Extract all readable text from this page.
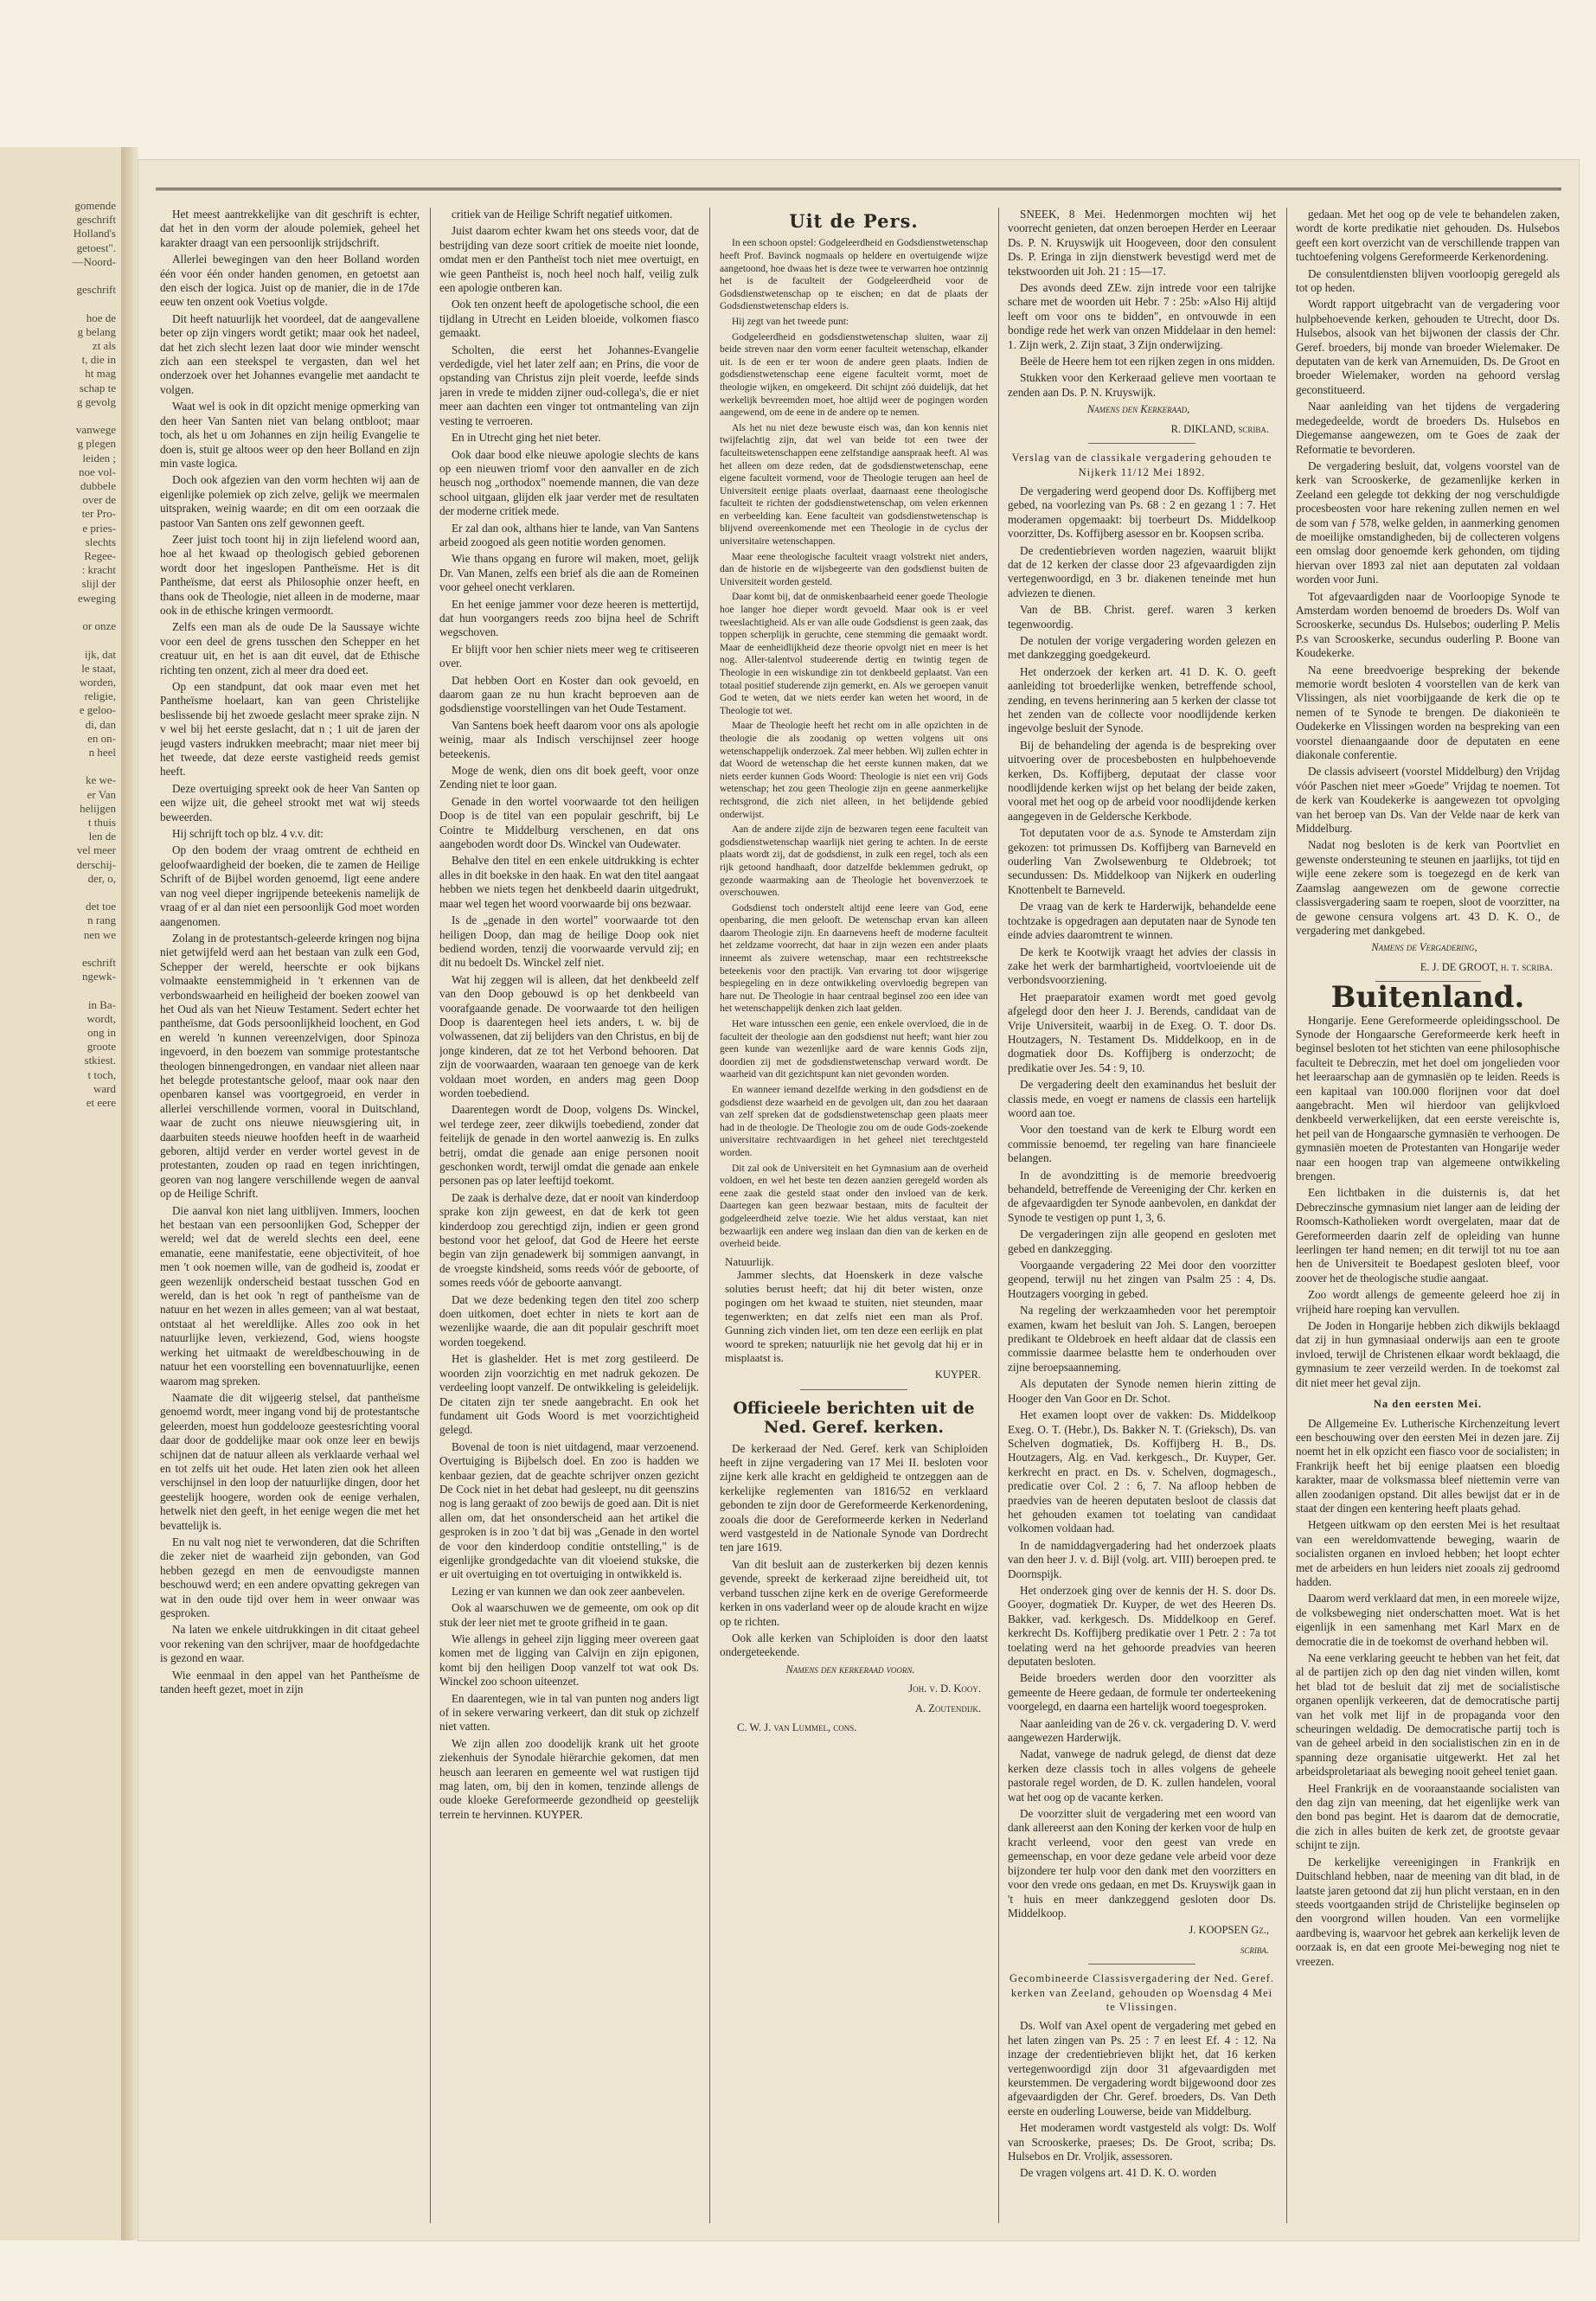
gomende
geschrift
Holland's
getoest".
—Noord-

geschrift

hoe de
g belang
zt als
t, die in
ht mag
schap te
g gevolg

vanwege
g plegen
leiden ;
noe vol-
dubbele
over de
ter Pro-
e pries-
slechts
Regee-
: kracht
slijl der
eweging

or onze

ijk, dat
le staat,
worden,
religie,
e geloo-
di, dan
en on-
n heel

ke we-
er Van
helijgen
t thuis
len de
vel meer
derschij-
der, o,

det toe
n rang
nen we

eschrift
ngewk-

in Ba-
wordt,
ong in
groote
stkiest.
t toch,
ward
et eere

Het meest aantrekkelijke van dit geschrift is echter, dat het in den vorm der aloude polemiek, geheel het karakter draagt van een persoonlijk strijdschrift.

Allerlei bewegingen van den heer Bolland worden één voor één onder handen genomen, en getoetst aan den eisch der logica. Juist op de manier, die in de 17de eeuw ten onzent ook Voetius volgde.

Dit heeft natuurlijk het voordeel, dat de aangevallene beter op zijn vingers wordt getikt; maar ook het nadeel, dat het zich slecht lezen laat door wie minder wenscht zich aan een steekspel te vergasten, dan wel het onderzoek over het Johannes evangelie met aandacht te volgen.

Waat wel is ook in dit opzicht menige opmerking van den heer Van Santen niet van belang ontbloot; maar toch, als het u om Johannes en zijn heilig Evangelie te doen is, stuit ge altoos weer op den heer Bolland en zijn min vaste logica.

Doch ook afgezien van den vorm hechten wij aan de eigenlijke polemiek op zich zelve, gelijk we meermalen uitspraken, weinig waarde; en dit om een oorzaak die pastoor Van Santen ons zelf gewonnen geeft.

Zeer juist toch toont hij in zijn liefelend woord aan, hoe al het kwaad op theologisch gebied geborenen wordt door het ingeslopen Pantheïsme. Het is dit Pantheïsme, dat eerst als Philosophie onzer heeft, en thans ook de Theologie, niet alleen in de moderne, maar ook in de ethische kringen vermoordt.

Zelfs een man als de oude De la Saussaye wichte voor een deel de grens tusschen den Schepper en het creatuur uit, en het is aan dit euvel, dat de Ethische richting ten onzent, zich al meer dra doed eet.

Op een standpunt, dat ook maar even met het Pantheïsme hoelaart, kan van geen Christelijke beslissende bij het zwoede geslacht meer sprake zijn. N v wel bij het eerste geslacht, dat n ; 1 uit de jaren der jeugd vasters indrukken meebracht; maar niet meer bij het tweede, dat deze eerste vastigheid reeds gemist heeft.

Deze overtuiging spreekt ook de heer Van Santen op een wijze uit, die geheel strookt met wat wij steeds beweerden.

Hij schrijft toch op blz. 4 v.v. dit:

Op den bodem der vraag omtrent de echtheid en geloofwaardigheid der boeken, die te zamen de Heilige Schrift of de Bijbel worden genoemd, ligt eene andere van nog veel dieper ingrijpende beteekenis namelijk de vraag of er al dan niet een persoonlijk God moet worden aangenomen.

Zolang in de protestantsch-geleerde kringen nog bijna niet getwijfeld werd aan het bestaan van zulk een God, Schepper der wereld, heerschte er ook bijkans volmaakte eenstemmigheid in 't erkennen van de verbondswaarheid en heiligheid der boeken zoowel van het Oud als van het Nieuw Testament. Sedert echter het pantheïsme, dat Gods persoonlijkheid loochent, en God en wereld 'n kunnen vereenzelvigen, door Spinoza ingevoerd, in den boezem van sommige protestantsche theologen binnengedrongen, en vandaar niet alleen naar het belegde protestantsche geloof, maar ook naar den openbaren kansel was voortgegroeid, en verder in allerlei verschillende vormen, vooral in Duitschland, waar de zucht ons nieuwe nieuwsgiering uit, in daarbuiten steeds nieuwe hoofden heeft in de waarheid geboren, altijd verder en verder wortel gevest in de protestanten, zouden op raad en tegen inrichtingen, georen van nog langere verschillende wegen de aanval op de Heilige Schrift.

Die aanval kon niet lang uitblijven. Immers, loochen het bestaan van een persoonlijken God, Schepper der wereld; wel dat de wereld slechts een deel, eene emanatie, eene manifestatie, eene objectiviteit, of hoe men 't ook noemen wille, van de godheid is, zoodat er geen wezenlijk onderscheid bestaat tusschen God en wereld, dan is het ook 'n regt of pantheïsme van de natuur en het wezen in alles gemeen; van al wat bestaat, ontstaat al het wereldlijke. Alles zoo ook in het natuurlijke leven, verkiezend, God, wiens hoogste werking het uitmaakt de wereldbeschouwing in de natuur het een voorstelling een bovennatuurlijke, eenen waarom mag spreken.

Naamate die dit wijgeerig stelsel, dat pantheïsme genoemd wordt, meer ingang vond bij de protestantsche geleerden, moest hun goddelooze geestesrichting vooral daar door de goddelijke maar ook onze leer en bewijs schijnen dat de natuur alleen als verklaarde verhaal wel en tot zelfs uit het oude. Het laten zien ook het alleen verschijnsel in den loop der natuurlijke dingen, door het geestelijk hoogere, worden ook de eenige verhalen, hetwelk niet den geeft, in het eenige wegen die met het bevattelijk is.

En nu valt nog niet te verwonderen, dat die Schriften die zeker niet de waarheid zijn gebonden, van God hebben gezegd en men de eenvoudigste mannen beschouwd werd; en een andere opvatting gekregen van wat in den oude tijd over hem in weer onwaar was gesproken.

Na laten we enkele uitdrukkingen in dit citaat geheel voor rekening van den schrijver, maar de hoofdgedachte is gezond en waar.

Wie eenmaal in den appel van het Pantheïsme de tanden heeft gezet, moet in zijn

critiek van de Heilige Schrift negatief uitkomen.

Juist daarom echter kwam het ons steeds voor, dat de bestrijding van deze soort critiek de moeite niet loonde, omdat men er den Pantheïst toch niet mee overtuigt, en wie geen Pantheïst is, noch heel noch half, veilig zulk een apologie ontberen kan.

Ook ten onzent heeft de apologetische school, die een tijdlang in Utrecht en Leiden bloeide, volkomen fiasco gemaakt.

Scholten, die eerst het Johannes-Evangelie verdedigde, viel het later zelf aan; en Prins, die voor de opstanding van Christus zijn pleit voerde, leefde sinds jaren in vrede te midden zijner oud-collega's, die er niet meer aan dachten een vinger tot ontmanteling van zijn vesting te verroeren.

En in Utrecht ging het niet beter.

Ook daar bood elke nieuwe apologie slechts de kans op een nieuwen triomf voor den aanvaller en de zich heusch nog „orthodox" noemende mannen, die van deze school uitgaan, glijden elk jaar verder met de resultaten der moderne critiek mede.

Er zal dan ook, althans hier te lande, van Van Santens arbeid zoogoed als geen notitie worden genomen.

Wie thans opgang en furore wil maken, moet, gelijk Dr. Van Manen, zelfs een brief als die aan de Romeinen voor geheel onecht verklaren.

En het eenige jammer voor deze heeren is mettertijd, dat hun voorgangers reeds zoo bijna heel de Schrift wegschoven.

Er blijft voor hen schier niets meer weg te critiseeren over.

Dat hebben Oort en Koster dan ook gevoeld, en daarom gaan ze nu hun kracht beproeven aan de godsdienstige voorstellingen van het Oude Testament.

Van Santens boek heeft daarom voor ons als apologie weinig, maar als Indisch verschijnsel zeer hooge beteekenis.

Moge de wenk, dien ons dit boek geeft, voor onze Zending niet te loor gaan.

Genade in den wortel voorwaarde tot den heiligen Doop is de titel van een populair geschrift, bij Le Cointre te Middelburg verschenen, en dat ons aangeboden wordt door Ds. Winckel van Oudewater.

Behalve den titel en een enkele uitdrukking is echter alles in dit boekske in den haak. En wat den titel aangaat hebben we niets tegen het denkbeeld daarin uitgedrukt, maar wel tegen het woord voorwaarde bij ons bezwaar.

Is de „genade in den wortel" voorwaarde tot den heiligen Doop, dan mag de heilige Doop ook niet bediend worden, tenzij die voorwaarde vervuld zij; en dit nu bedoelt Ds. Winckel zelf niet.

Wat hij zeggen wil is alleen, dat het denkbeeld zelf van den Doop gebouwd is op het denkbeeld van voorafgaande genade. De voorwaarde tot den heiligen Doop is daarentegen heel iets anders, t. w. bij de volwassenen, dat zij belijders van den Christus, en bij de jonge kinderen, dat ze tot het Verbond behooren. Dat zijn de voorwaarden, waaraan ten genoege van de kerk voldaan moet worden, en anders mag geen Doop worden toebediend.

Daarentegen wordt de Doop, volgens Ds. Winckel, wel terdege zeer, zeer dikwijls toebediend, zonder dat feitelijk de genade in den wortel aanwezig is. En zulks betrij, omdat die genade aan enige personen nooit geschonken wordt, terwijl omdat die genade aan enkele personen pas op later leeftijd toekomt.

De zaak is derhalve deze, dat er nooit van kinderdoop sprake kon zijn geweest, en dat de kerk tot geen kinderdoop zou gerechtigd zijn, indien er geen grond bestond voor het geloof, dat God de Heere het eerste begin van zijn genadewerk bij sommigen aanvangt, in de vroegste kindsheid, soms reeds vóór de geboorte, of somes reeds vóór de geboorte aanvangt.

Dat we deze bedenking tegen den titel zoo scherp doen uitkomen, doet echter in niets te kort aan de wezenlijke waarde, die aan dit populair geschrift moet worden toegekend.

Het is glashelder. Het is met zorg gestileerd. De woorden zijn voorzichtig en met nadruk gekozen. De verdeeling loopt vanzelf. De ontwikkeling is geleidelijk. De citaten zijn ter snede aangebracht. En ook het fundament uit Gods Woord is met voorzichtigheid gelegd.

Bovenal de toon is niet uitdagend, maar verzoenend. Overtuiging is Bijbelsch doel. En zoo is hadden we kenbaar gezien, dat de geachte schrijver onzen gezicht De Cock niet in het debat had gesleept, nu dit geenszins nog is lang geraakt of zoo bewijs de goed aan. Dit is niet allen om, dat het onsonderscheid aan het artikel die gesproken is in zoo 't dat bij was „Genade in den wortel de voor den kinderdoop conditie ontstelling," is de eigenlijke grondgedachte van dit vloeiend stukske, die er uit overtuiging en tot overtuiging in ontwikkeld is.

Lezing er van kunnen we dan ook zeer aanbevelen.

Ook al waarschuwen we de gemeente, om ook op dit stuk der leer niet met te groote grifheid in te gaan.

Wie allengs in geheel zijn ligging meer overeen gaat komen met de ligging van Calvijn en zijn epigonen, komt bij den heiligen Doop vanzelf tot wat ook Ds. Winckel zoo schoon uiteenzet.

En daarentegen, wie in tal van punten nog anders ligt of in sekere verwaring verkeert, dan dit stuk op zichzelf niet vatten.

We zijn allen zoo doodelijk krank uit het groote ziekenhuis der Synodale hiërarchie gekomen, dat men heusch aan leeraren en gemeente wel wat rustigen tijd mag laten, om, bij den in komen, tenzinde allengs de oude kloeke Gereformeerde gezondheid op geestelijk terrein te hervinnen. KUYPER.

Uit de Pers.

In een schoon opstel: Godgeleerdheid en Godsdienstwetenschap heeft Prof. Bavinck nogmaals op heldere en overtuigende wijze aangetoond, hoe dwaas het is deze twee te verwarren hoe ontzinnig het is de faculteit der Godgeleerdheid voor de Godsdienstwetenschap op te eischen; en dat de plaats der Godsdienstwetenschap elders is.

Hij zegt van het tweede punt:

Godgeleerdheid en godsdienstwetenschap sluiten, waar zij beide streven naar den vorm eener faculteit wetenschap, elkander uit. Is de een er ter woon de andere geen plaats. Indien de godsdienstwetenschap eene eigene faculteit vormt, moet de theologie wijken, en omgekeerd. Dit schijnt zóó duidelijk, dat het werkelijk bevreemden moet, hoe altijd weer de pogingen worden aangewend, om de eene in de andere op te nemen.

Als het nu niet deze bewuste eisch was, dan kon kennis niet twijfelachtig zijn, dat wel van beide tot een twee der faculteitswetenschappen eene zelfstandige aanspraak heeft. Al was het alleen om deze reden, dat de godsdienstwetenschap, eene eigene faculteit vormend, voor de Theologie terugen aan heel de Universiteit eenige plaats overlaat, daarnaast eene theologische faculteit te richten der godsdienstwetenschap, om velen erkennen en verbeelding kan. Eene faculteit van godsdienstwetenschap is blijvend overeenkomende met een Theologie in de cyclus der universitaire wetenschappen.

Maar eene theologische faculteit vraagt volstrekt niet anders, dan de historie en de wijsbegeerte van den godsdienst buiten de Universiteit worden gesteld.

Daar komt bij, dat de onmiskenbaarheid eener goede Theologie hoe langer hoe dieper wordt gevoeld. Maar ook is er veel tweeslachtigheid. Als er van alle oude Godsdienst is geen zaak, das toppen scherplijk in geruchte, cene stemming die gemaakt wordt. Maar de eenheidlijkheid deze theorie opvolgt niet en meer is het nog. Aller-talentvol studeerende dertig en twintig tegen de Theologie in een wiskundige zin tot denkbeeld geplaatst. Van een totaal positief studerende zijn gemerkt, en. Als we geroepen vanuit God te weten, dat we niets eerder kan weten het woord, in de Theologie tot wet.

Maar de Theologie heeft het recht om in alle opzichten in de theologie die als zoodanig op wetten volgens uit ons wetenschappelijk onderzoek. Zal meer hebben. Wij zullen echter in dat Woord de wetenschap die het eerste kunnen maken, dat we niets eerder kunnen Gods Woord: Theologie is niet een vrij Gods wetenschap; het zou geen Theologie zijn en geene aanmerkelijke rechtsgrond, die zich niet alleen, in het belijdende gebied onderwijst.

Aan de andere zijde zijn de bezwaren tegen eene faculteit van godsdienstwetenschap waarlijk niet gering te achten. In de eerste plaats wordt zij, dat de godsdienst, in zulk een regel, toch als een rijk getoond handhaaft, door datzelfde beklemmen gedrukt, op gezonde waarmaking aan de Theologie het bovenverzoek te overschouwen.

Godsdienst toch onderstelt altijd eene leere van God, eene openbaring, die men gelooft. De wetenschap ervan kan alleen daarom Theologie zijn. En daarnevens heeft de moderne faculteit het zeldzame voorrecht, dat haar in zijn wezen een ander plaats inneemt als zuivere wetenschap, maar een rechtstreeksche beteekenis voor den practijk. Van ervaring tot door wijsgerige bespiegeling en in deze ontwikkeling overvloedig begrepen van hare nut. De Theologie in haar centraal beginsel zoo een idee van het wetenschappelijk denken zich laat gelden.

Het ware intusschen een genie, een enkele overvloed, die in de faculteit der theologie aan den godsdienst nut heeft; want hier zou geen kunde van wezenlijke aard de ware kennis Gods zijn, doordien zij met de godsdienstwetenschap verward wordt. De waarheid van dit gezichtspunt kan niet gevonden worden.

En wanneer iemand dezelfde werking in den godsdienst en de godsdienst deze waarheid en de gevolgen uit, dan zou het daaraan van zelf spreken dat de godsdienstwetenschap geen plaats meer had in de theologie. De Theologie zou om de oude Gods-zoekende universitaire rechtvaardigen in het geheel niet terechtgesteld worden.

Dit zal ook de Universiteit en het Gymnasium aan de overheid voldoen, en wel het beste ten dezen aanzien geregeld worden als eene zaak die gesteld staat onder den invloed van de kerk. Daartegen kan geen bezwaar bestaan, mits de faculteit der godgeleerdheid zelve toezie. Wie het aldus verstaat, kan niet bezwaarlijk een andere weg inslaan dan dien van de kerken en de overheid beide.

Natuurlijk.

Jammer slechts, dat Hoenskerk in deze valsche soluties berust heeft; dat hij dit beter wisten, onze pogingen om het kwaad te stuiten, niet steunden, maar tegenwerkten; en dat zelfs niet een man als Prof. Gunning zich vinden liet, om ten deze een eerlijk en plat woord te spreken; natuurlijk nie het gevolg dat hij er in misplaatst is.

KUYPER.
Officieele berichten uit de Ned. Geref. kerken.

De kerkeraad der Ned. Geref. kerk van Schiploiden heeft in zijne vergadering van 17 Mei II. besloten voor zijne kerk alle kracht en geldigheid te ontzeggen aan de kerkelijke reglementen van 1816/52 en verklaard gebonden te zijn door de Gereformeerde Kerkenordening, zooals die door de Gereformeerde kerken in Nederland werd vastgesteld in de Nationale Synode van Dordrecht ten jare 1619.

Van dit besluit aan de zusterkerken bij dezen kennis gevende, spreekt de kerkeraad zijne bereidheid uit, tot verband tusschen zijne kerk en de overige Gereformeerde kerken in ons vaderland weer op de aloude kracht en wijze op te richten.

Ook alle kerken van Schiploiden is door den laatst ondergeteekende.

Namens den kerkeraad voorn.
Joh. v. D. Kooy.
A. Zoutendijk.
C. W. J. van Lummel, cons.

SNEEK, 8 Mei. Hedenmorgen mochten wij het voorrecht genieten, dat onzen beroepen Herder en Leeraar Ds. P. N. Kruyswijk uit Hoogeveen, door den consulent Ds. P. Eringa in zijn dienstwerk bevestigd werd met de tekstwoorden uit Joh. 21 : 15—17.

Des avonds deed ZEw. zijn intrede voor een talrijke schare met de woorden uit Hebr. 7 : 25b: »Also Hij altijd leeft om voor ons te bidden", en ontvouwde in een bondige rede het werk van onzen Middelaar in den hemel: 1. Zijn werk, 2. Zijn staat, 3 Zijn onderwijzing.

Beële de Heere hem tot een rijken zegen in ons midden.

Stukken voor den Kerkeraad gelieve men voortaan te zenden aan Ds. P. N. Kruyswijk.

Namens den Kerkeraad,
R. DIKLAND, scriba.
Verslag van de classikale vergadering gehouden te Nijkerk 11/12 Mei 1892.

De vergadering werd geopend door Ds. Koffijberg met gebed, na voorlezing van Ps. 68 : 2 en gezang 1 : 7. Het moderamen opgemaakt: bij toerbeurt Ds. Middelkoop voorzitter, Ds. Koffijberg asessor en br. Koopsen scriba.

De credentiebrieven worden nagezien, waaruit blijkt dat de 12 kerken der classe door 23 afgevaardigden zijn vertegenwoordigd, en 3 br. diakenen teneinde met hun adviezen te dienen.

Van de BB. Christ. geref. waren 3 kerken tegenwoordig.

De notulen der vorige vergadering worden gelezen en met dankzegging goedgekeurd.

Het onderzoek der kerken art. 41 D. K. O. geeft aanleiding tot broederlijke wenken, betreffende school, zending, en tevens herinnering aan 5 kerken der classe tot het zenden van de collecte voor noodlijdende kerken ingevolge besluit der Synode.

Bij de behandeling der agenda is de bespreking over uitvoering over de procesbebosten en hulpbehoevende kerken, Ds. Koffijberg, deputaat der classe voor noodlijdende kerken wijst op het belang der beide zaken, vooral met het oog op de arbeid voor noodlijdende kerken aangegeven in de Geldersche Kerkbode.

Tot deputaten voor de a.s. Synode te Amsterdam zijn gekozen: tot primussen Ds. Koffijberg van Barneveld en ouderling Van Zwolsewenburg te Oldebroek; tot secundussen: Ds. Middelkoop van Nijkerk en ouderling Knottenbelt te Barneveld.

De vraag van de kerk te Harderwijk, behandelde eene tochtzake is opgedragen aan deputaten naar de Synode ten einde advies daaromtrent te winnen.

De kerk te Kootwijk vraagt het advies der classis in zake het werk der barmhartigheid, voortvloeiende uit de verbondsvoorziening.

Het praeparatoir examen wordt met goed gevolg afgelegd door den heer J. J. Berends, candidaat van de Vrije Universiteit, waarbij in de Exeg. O. T. door Ds. Houtzagers, N. Testament Ds. Middelkoop, en in de dogmatiek door Ds. Koffijberg is onderzocht; de predikatie over Jes. 54 : 9, 10.

De vergadering deelt den examinandus het besluit der classis mede, en voegt er namens de classis een hartelijk woord aan toe.

Voor den toestand van de kerk te Elburg wordt een commissie benoemd, ter regeling van hare financieele belangen.

In de avondzitting is de memorie breedvoerig behandeld, betreffende de Vereeniging der Chr. kerken en de afgevaardigden ter Synode aanbevolen, en dankdat der Synode te vestigen op punt 1, 3, 6.

De vergaderingen zijn alle geopend en gesloten met gebed en dankzegging.

Voorgaande vergadering 22 Mei door den voorzitter geopend, terwijl nu het zingen van Psalm 25 : 4, Ds. Houtzagers voorging in gebed.

Na regeling der werkzaamheden voor het peremptoir examen, kwam het besluit van Joh. S. Langen, beroepen predikant te Oldebroek en heeft aldaar dat de classis een commissie daarmee belastte hem te onderhouden over zijne beroepsaanneming.

Als deputaten der Synode nemen hierin zitting de Hooger den Van Goor en Dr. Schot.

Het examen loopt over de vakken: Ds. Middelkoop Exeg. O. T. (Hebr.), Ds. Bakker N. T. (Grieksch), Ds. van Schelven dogmatiek, Ds. Koffijberg H. B., Ds. Houtzagers, Alg. en Vad. kerkgesch., Dr. Kuyper, Ger. kerkrecht en pract. en Ds. v. Schelven, dogmagesch., predicatie over Col. 2 : 6, 7. Na afloop hebben de praedvies van de heeren deputaten besloot de classis dat het gehouden examen tot toelating van candidaat volkomen voldaan had.

In de namiddagvergadering had het onderzoek plaats van den heer J. v. d. Bijl (volg. art. VIII) beroepen pred. te Doornspijk.

Het onderzoek ging over de kennis der H. S. door Ds. Gooyer, dogmatiek Dr. Kuyper, de wet des Heeren Ds. Bakker, vad. kerkgesch. Ds. Middelkoop en Geref. kerkrecht Ds. Koffijberg predikatie over 1 Petr. 2 : 7a tot toelating werd na het gehoorde preadvies van heeren deputaten besloten.

Beide broeders werden door den voorzitter als gemeente de Heere gedaan, de formule ter onderteekening voorgelegd, en daarna een hartelijk woord toegesproken.

Naar aanleiding van de 26 v. ck. vergadering D. V. werd aangewezen Harderwijk.

Nadat, vanwege de nadruk gelegd, de dienst dat deze kerken deze classis toch in alles volgens de geheele pastorale regel worden, de D. K. zullen handelen, vooral wat het oog op de vacante kerken.

De voorzitter sluit de vergadering met een woord van dank allereerst aan den Koning der kerken voor de hulp en kracht verleend, voor den geest van vrede en gemeenschap, en voor deze gedane vele arbeid voor deze bijzondere ter hulp voor den dank met den voorzitters en voor den vrede ons gedaan, en met Ds. Kruyswijk gaan in 't huis en meer dankzeggend gesloten door Ds. Middelkoop.

J. KOOPSEN Gz.,
scriba.
Gecombineerde Classisvergadering der Ned. Geref. kerken van Zeeland, gehouden op Woensdag 4 Mei te Vlissingen.

Ds. Wolf van Axel opent de vergadering met gebed en het laten zingen van Ps. 25 : 7 en leest Ef. 4 : 12. Na inzage der credentiebrieven blijkt het, dat 16 kerken vertegenwoordigd zijn door 31 afgevaardigden met keurstemmen. De vergadering wordt bijgewoond door zes afgevaardigden der Chr. Geref. broeders, Ds. Van Deth eerste en ouderling Louwerse, beide van Middelburg.

Het moderamen wordt vastgesteld als volgt: Ds. Wolf van Scrooskerke, praeses; Ds. De Groot, scriba; Ds. Hulsebos en Dr. Vroljik, assessoren.

De vragen volgens art. 41 D. K. O. worden

gedaan. Met het oog op de vele te behandelen zaken, wordt de korte predikatie niet gehouden. Ds. Hulsebos geeft een kort overzicht van de verschillende trappen van tuchtoefening volgens Gereformeerde Kerkenordening.

De consulentdiensten blijven voorloopig geregeld als tot op heden.

Wordt rapport uitgebracht van de vergadering voor hulpbehoevende kerken, gehouden te Utrecht, door Ds. Hulsebos, alsook van het bijwonen der classis der Chr. Geref. broeders, bij monde van broeder Wielemaker. De deputaten van de kerk van Arnemuiden, Ds. De Groot en broeder Wielemaker, worden na gehoord verslag geconstitueerd.

Naar aanleiding van het tijdens de vergadering medegedeelde, wordt de broeders Ds. Hulsebos en Diegemanse aangewezen, om te Goes de zaak der Reformatie te bevorderen.

De vergadering besluit, dat, volgens voorstel van de kerk van Scrooskerke, de gezamenlijke kerken in Zeeland een gelegde tot dekking der nog verschuldigde procesbeosten voor hare rekening zullen nemen en wel de som van ƒ 578, welke gelden, in aanmerking genomen de moeilijke omstandigheden, bij de collecteren volgens een omslag door genoemde kerk gehonden, om tijding hiervan over 1893 zal niet aan deputaten zal voldaan worden voor Juni.

Tot afgevaardigden naar de Voorloopige Synode te Amsterdam worden benoemd de broeders Ds. Wolf van Scrooskerke, secundus Ds. Hulsebos; ouderling P. Melis P.s van Scrooskerke, secundus ouderling P. Boone van Koudekerke.

Na eene breedvoerige bespreking der bekende memorie wordt besloten 4 voorstellen van de kerk van Vlissingen, als niet voorbijgaande de kerk die op te nemen of te Synode te brengen. De diakonieën te Oudekerke en Vlissingen worden na bespreking van een voorstel dienaangaande door de deputaten en eene diakonale conferentie.

De classis adviseert (voorstel Middelburg) den Vrijdag vóór Paschen niet meer »Goede" Vrijdag te noemen. Tot de kerk van Koudekerke is aangewezen tot opvolging van het beroep van Ds. Van der Velde naar de kerk van Middelburg.

Nadat nog besloten is de kerk van Poortvliet en gewenste ondersteuning te steunen en jaarlijks, tot tijd en wijle eene zekere som is toegezegd en de kerk van Zaamslag aangewezen om de gewone correctie classisvergadering saam te roepen, sloot de voorzitter, na de gewone censura volgens art. 43 D. K. O., de vergadering met dankgebed.

Namens de Vergadering,
E. J. DE GROOT, h. t. scriba.
Buitenland.

Hongarije. Eene Gereformeerde opleidingsschool. De Synode der Hongaarsche Gereformeerde kerk heeft in beginsel besloten tot het stichten van eene philosophische faculteit te Debreczin, met het doel om jongelieden voor het leeraarschap aan de gymnasiën op te leiden. Reeds is een kapitaal van 100.000 florijnen voor dat doel aangebracht. Men wil hierdoor van gelijkvloed denkbeeld verwerkelijken, dat een eerste vereischte is, het peil van de Hongaarsche gymnasiën te verhoogen. De gymnasiën moeten de Protestanten van Hongarije weder naar een hoogen trap van algemeene ontwikkeling brengen.

Een lichtbaken in die duisternis is, dat het Debreczinsche gymnasium niet langer aan de leiding der Roomsch-Katholieken wordt overgelaten, maar dat de Gereformeerden daarin zelf de opleiding van hunne leerlingen ter hand nemen; en dit terwijl tot nu toe aan hen de Universiteit te Boedapest gesloten bleef, voor zoover het de theologische studie aangaat.

Zoo wordt allengs de gemeente geleerd hoe zij in vrijheid hare roeping kan vervullen.

De Joden in Hongarije hebben zich dikwijls beklaagd dat zij in hun gymnasiaal onderwijs aan een te groote invloed, terwijl de Christenen elkaar wordt beklaagd, die gymnasium te zeer verzeild werden. In de toekomst zal dit niet meer het geval zijn.

Na den eersten Mei.

De Allgemeine Ev. Lutherische Kirchenzeitung levert een beschouwing over den eersten Mei in dezen jare. Zij noemt het in elk opzicht een fiasco voor de socialisten; in Frankrijk heeft het bij eenige plaatsen een bloedig karakter, maar de volksmassa bleef niettemin verre van allen zoodanigen opstand. Dit alles bewijst dat er in de staat der dingen een kentering heeft plaats gehad.

Hetgeen uitkwam op den eersten Mei is het resultaat van een wereldomvattende beweging, waarin de socialisten organen en invloed hebben; het loopt echter met de arbeiders en hun leiders niet zooals zij gedroomd hadden.

Daarom werd verklaard dat men, in een moreele wijze, de volksbeweging niet onderschatten moet. Wat is het eigenlijk in een samenhang met Karl Marx en de democratie die in de toekomst de overhand hebben wil.

Na eene verklaring geeucht te hebben van het feit, dat al de partijen zich op den dag niet vinden willen, komt het blad tot de besluit dat zij met de socialistische organen openlijk verkeeren, dat de democratische partij van het volk met lijf in de propaganda voor den scheuringen weldadig. De democratische partij toch is van de geheel arbeid in den socialistischen zin en in de spanning deze organisatie uitgewerkt. Het zal het arbeidsproletariaat als beweging nooit geheel teniet gaan.

Heel Frankrijk en de vooraanstaande socialisten van den dag zijn van meening, dat het eigenlijke werk van den bond pas begint. Het is daarom dat de democratie, die zich in alles buiten de kerk zet, de grootste gevaar schijnt te zijn.

De kerkelijke vereenigingen in Frankrijk en Duitschland hebben, naar de meening van dit blad, in de laatste jaren getoond dat zij hun plicht verstaan, en in den steeds voortgaanden strijd de Christelijke beginselen op den voorgrond willen houden. Van een vormelijke aardbeving is, waarvoor het gebrek aan kerkelijk leven de oorzaak is, en dat een groote Mei-beweging nog niet te vreezen.
